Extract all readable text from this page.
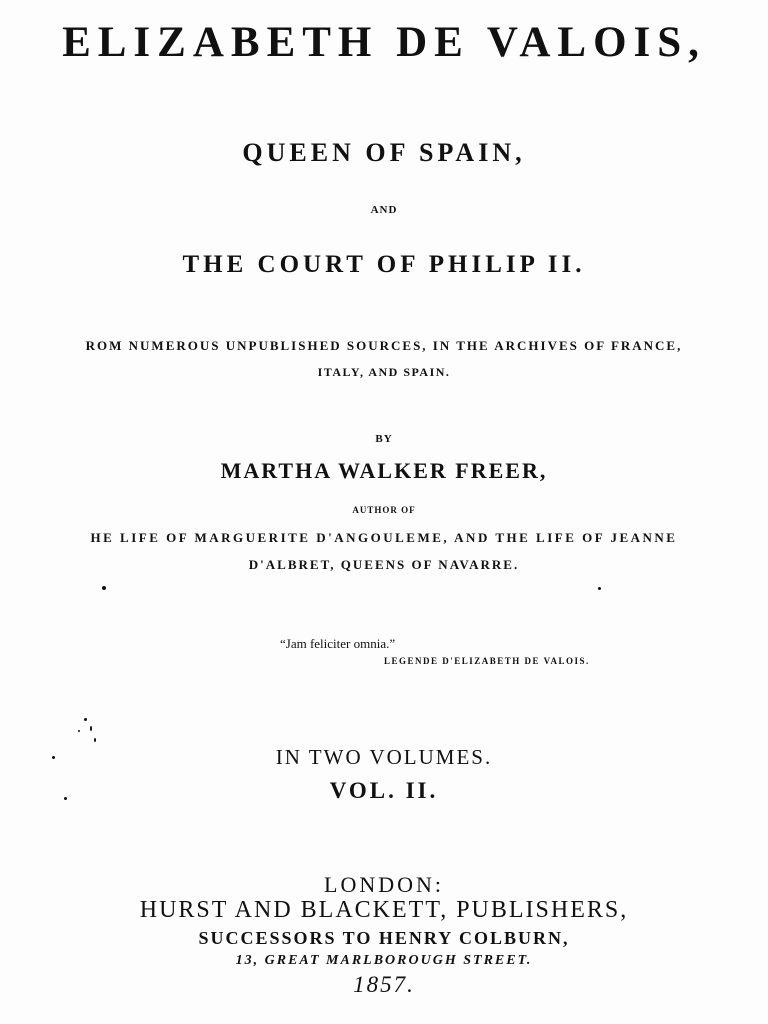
ELIZABETH DE VALOIS,
QUEEN OF SPAIN,
AND
THE COURT OF PHILIP II.
ROM NUMEROUS UNPUBLISHED SOURCES, IN THE ARCHIVES OF FRANCE,
ITALY, AND SPAIN.
BY
MARTHA WALKER FREER,
AUTHOR OF
HE LIFE OF MARGUERITE D'ANGOULEME, AND THE LIFE OF JEANNE
D'ALBRET, QUEENS OF NAVARRE.
“Jam feliciter omnia.”
LEGENDE D'ELIZABETH DE VALOIS.
IN TWO VOLUMES.
VOL. II.
LONDON:
HURST AND BLACKETT, PUBLISHERS,
SUCCESSORS TO HENRY COLBURN,
13, GREAT MARLBOROUGH STREET.
1857.
